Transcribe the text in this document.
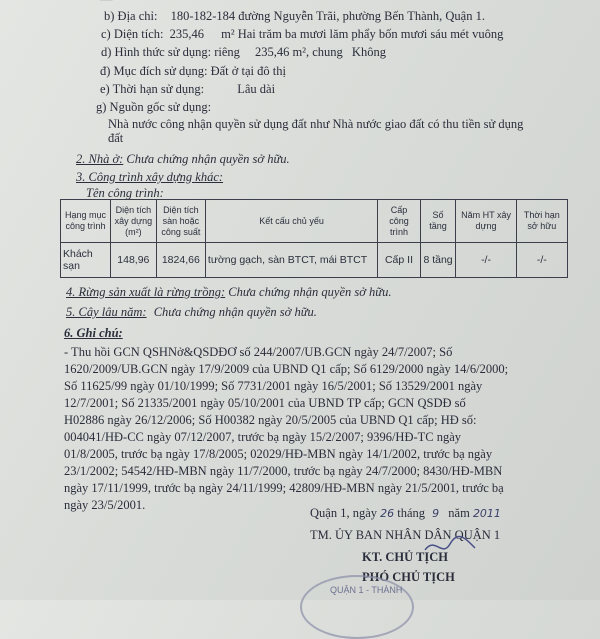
b) Địa chỉ: 180-182-184 đường Nguyễn Trãi, phường Bến Thành, Quận 1.
c) Diện tích: 235,46 m² Hai trăm ba mươi lăm phẩy bốn mươi sáu mét vuông
d) Hình thức sử dụng: riêng 235,46 m², chung Không
đ) Mục đích sử dụng: Đất ở tại đô thị
e) Thời hạn sử dụng:	Lâu dài
g) Nguồn gốc sử dụng:
Nhà nước công nhận quyền sử dụng đất như Nhà nước giao đất có thu tiền sử dụng
đất
2. Nhà ở: Chưa chứng nhận quyền sở hữu.
3. Công trình xây dựng khác:
Tên công trình:
Hạng mục công trình	Diện tích xây dựng (m²)	Diện tích sàn hoặc công suất	Kết cấu chủ yếu	Cấp công trình	Số tầng	Năm HT xây dựng	Thời hạn sở hữu
Khách sạn	148,96	1824,66	tường gạch, sàn BTCT, mái BTCT	Cấp II	8 tầng	-/-	-/-
4. Rừng sản xuất là rừng trồng: Chưa chứng nhận quyền sở hữu.
5. Cây lâu năm: Chưa chứng nhận quyền sở hữu.
6. Ghi chú:
- Thu hồi GCN QSHNở&QSDĐƠ số 244/2007/UB.GCN ngày 24/7/2007; Số
1620/2009/UB.GCN ngày 17/9/2009 của UBND Q1 cấp; Số 6129/2000 ngày 14/6/2000;
Số 11625/99 ngày 01/10/1999; Số 7731/2001 ngày 16/5/2001; Số 13529/2001 ngày
12/7/2001; Số 21335/2001 ngày 05/10/2001 của UBND TP cấp; GCN QSDĐ số
H02886 ngày 26/12/2006; Số H00382 ngày 20/5/2005 của UBND Q1 cấp; HĐ số:
004041/HĐ-CC ngày 07/12/2007, trước bạ ngày 15/2/2007; 9396/HĐ-TC ngày
01/8/2005, trước bạ ngày 17/8/2005; 02029/HĐ-MBN ngày 14/1/2002, trước bạ ngày
23/1/2002; 54542/HĐ-MBN ngày 11/7/2000, trước bạ ngày 24/7/2000; 8430/HĐ-MBN
ngày 17/11/1999, trước bạ ngày 24/11/1999; 42809/HĐ-MBN ngày 21/5/2001, trước bạ
ngày 23/5/2001.
Quận 1, ngày 26 tháng 9 năm 2011
TM. ỦY BAN NHÂN DÂN QUẬN 1
KT. CHỦ TỊCH
PHÓ CHỦ TỊCH
QUẬN 1 - THÀNH
